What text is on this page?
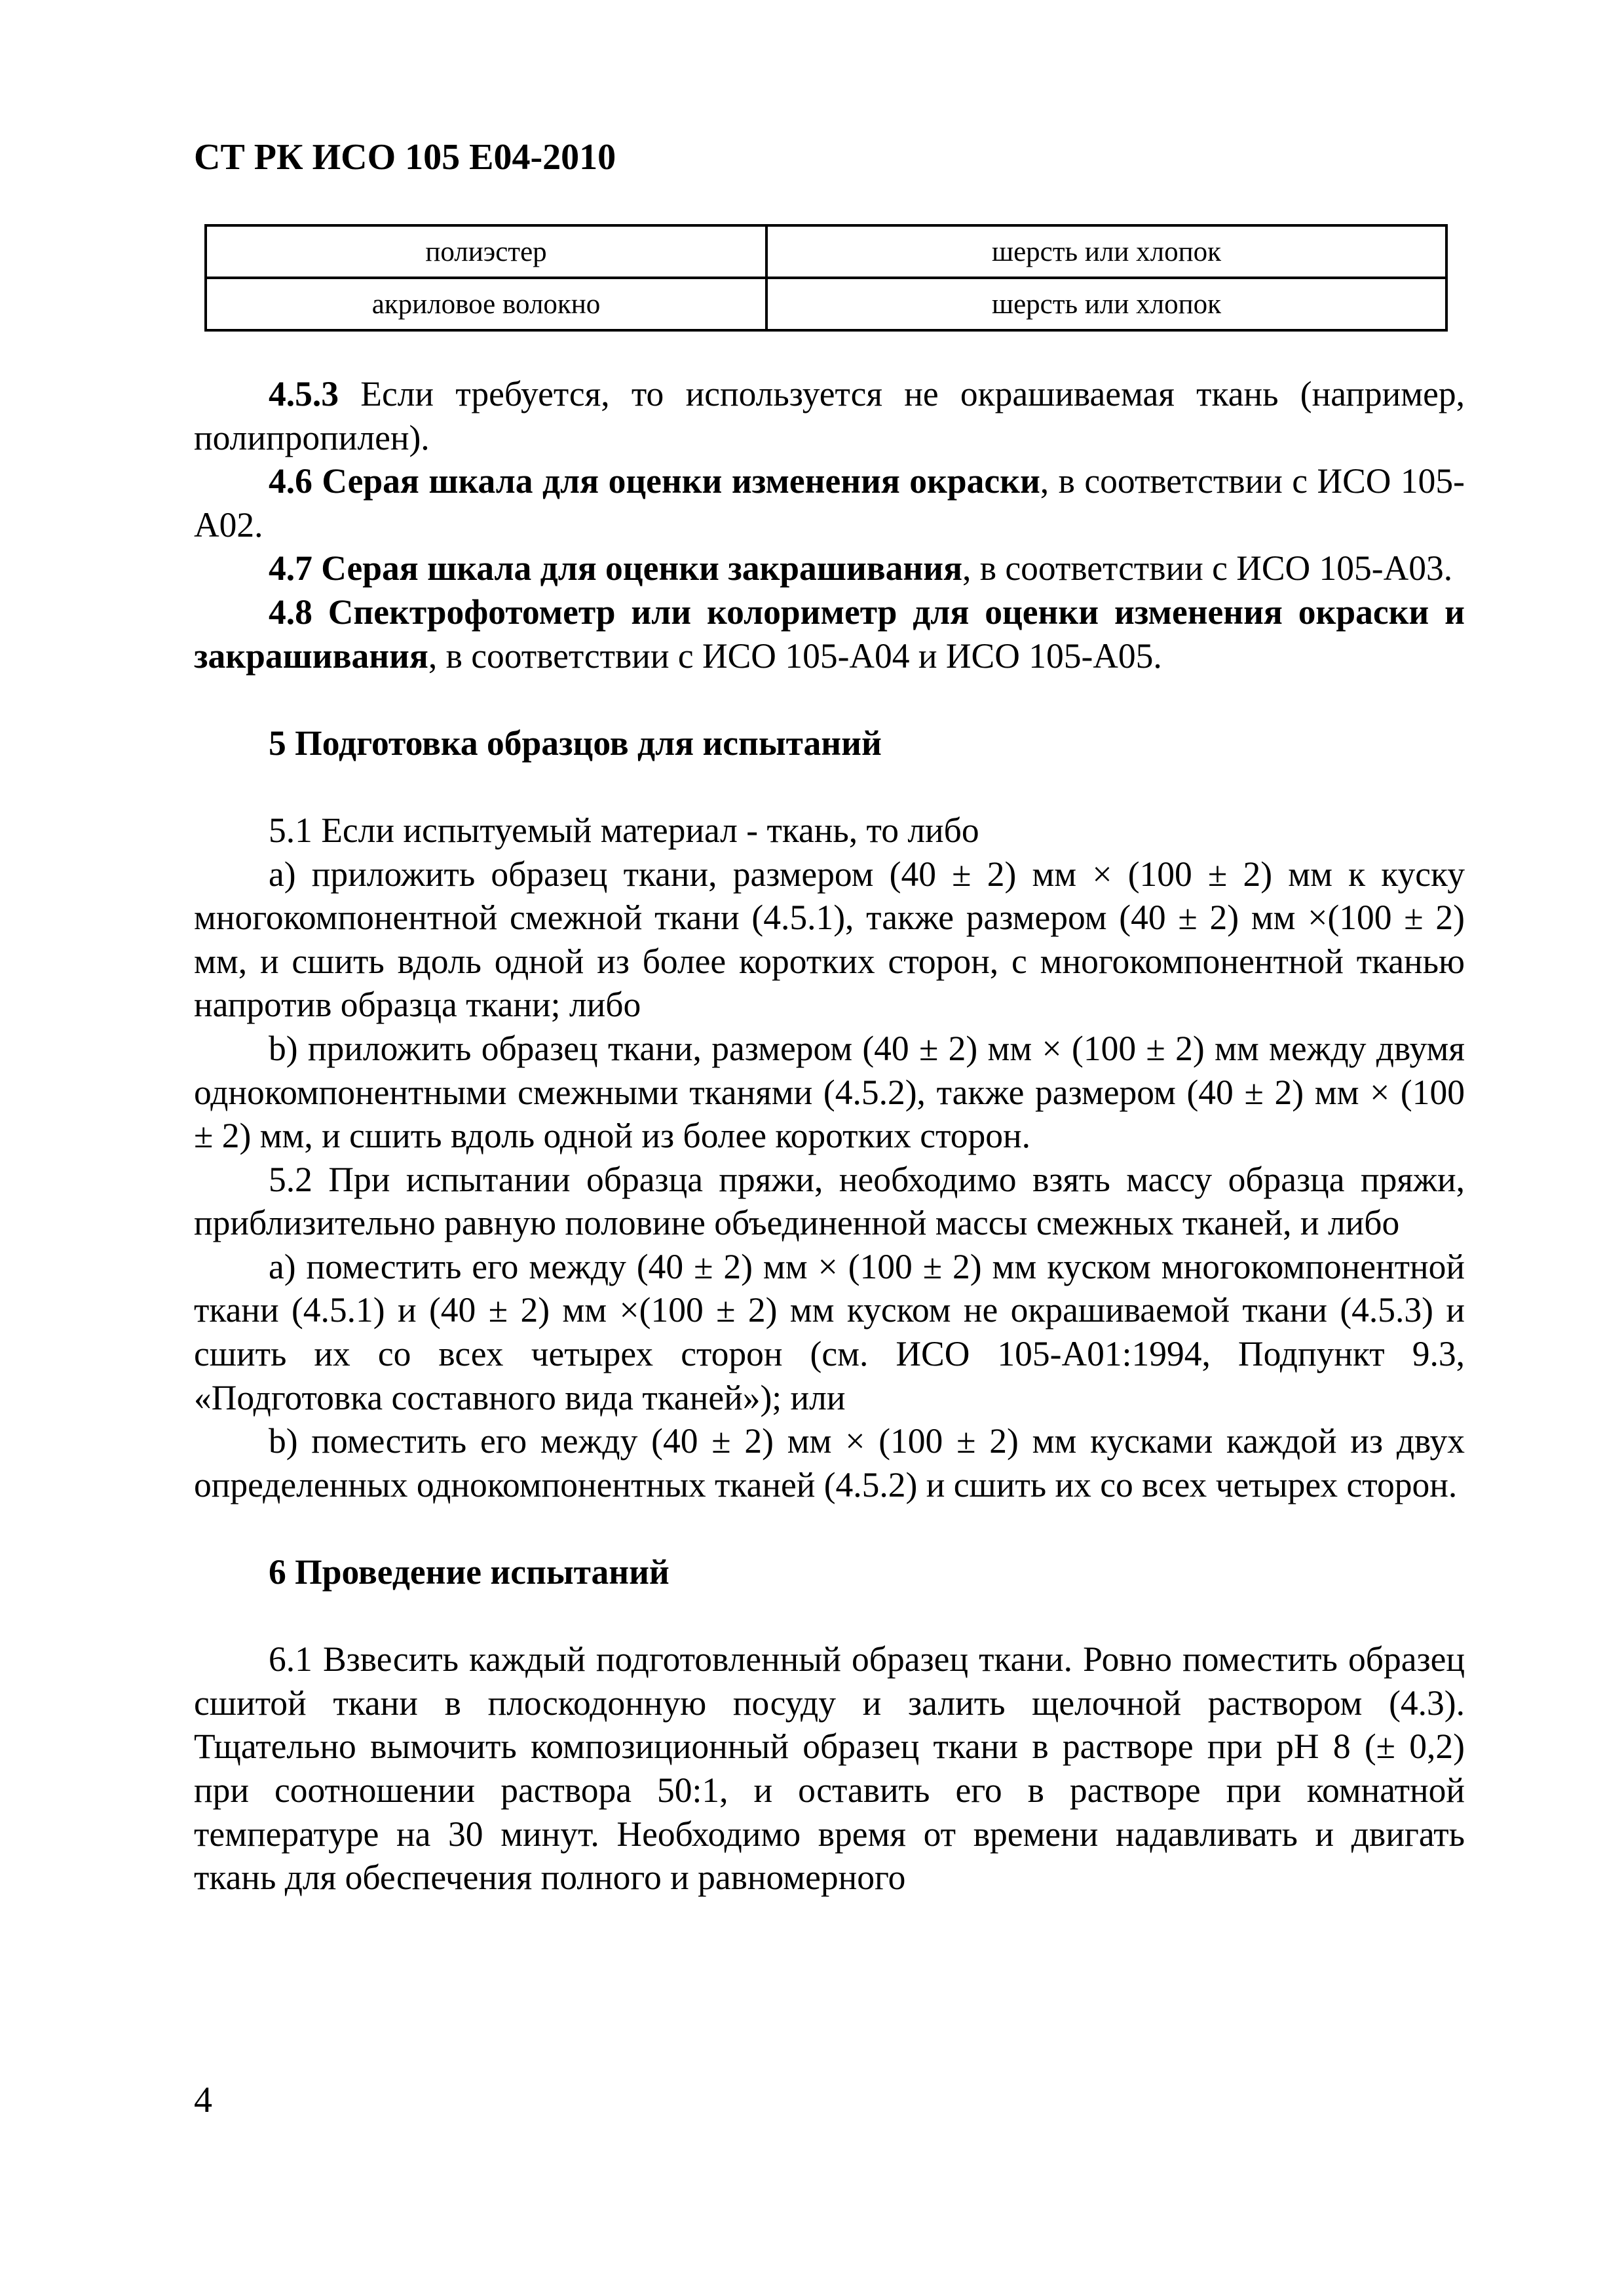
СТ РК ИСО 105 Е04-2010
полиэстер	шерсть или хлопок
акриловое волокно	шерсть или хлопок

4.5.3 Если требуется, то используется не окрашиваемая ткань (например, полипропилен).

4.6 Серая шкала для оценки изменения окраски, в соответствии с ИСО 105-А02.

4.7 Серая шкала для оценки закрашивания, в соответствии с ИСО 105-А03.

4.8 Спектрофотометр или колориметр для оценки изменения окраски и закрашивания, в соответствии с ИСО 105-А04 и ИСО 105-А05.

5 Подготовка образцов для испытаний

5.1 Если испытуемый материал - ткань, то либо

а) приложить образец ткани, размером (40 ± 2) мм × (100 ± 2) мм к куску многокомпонентной смежной ткани (4.5.1), также размером (40 ± 2) мм ×(100 ± 2) мм, и сшить вдоль одной из более коротких сторон, с многокомпонентной тканью напротив образца ткани; либо

b) приложить образец ткани, размером (40 ± 2) мм × (100 ± 2) мм между двумя однокомпонентными смежными тканями (4.5.2), также размером (40 ± 2) мм × (100 ± 2) мм, и сшить вдоль одной из более коротких сторон.

5.2 При испытании образца пряжи, необходимо взять массу образца пряжи, приблизительно равную половине объединенной массы смежных тканей, и либо

а) поместить его между (40 ± 2) мм × (100 ± 2) мм куском многокомпонентной ткани (4.5.1) и (40 ± 2) мм ×(100 ± 2) мм куском не окрашиваемой ткани (4.5.3) и сшить их со всех четырех сторон (см. ИСО 105-А01:1994, Подпункт 9.3, «Подготовка составного вида тканей»); или

b) поместить его между (40 ± 2) мм × (100 ± 2) мм кусками каждой из двух определенных однокомпонентных тканей (4.5.2) и сшить их со всех четырех сторон.

6 Проведение испытаний

6.1 Взвесить каждый подготовленный образец ткани. Ровно поместить образец сшитой ткани в плоскодонную посуду и залить щелочной раствором (4.3). Тщательно вымочить композиционный образец ткани в растворе при pH 8 (± 0,2) при соотношении раствора 50:1, и оставить его в растворе при комнатной температуре на 30 минут. Необходимо время от времени надавливать и двигать ткань для обеспечения полного и равномерного

4
